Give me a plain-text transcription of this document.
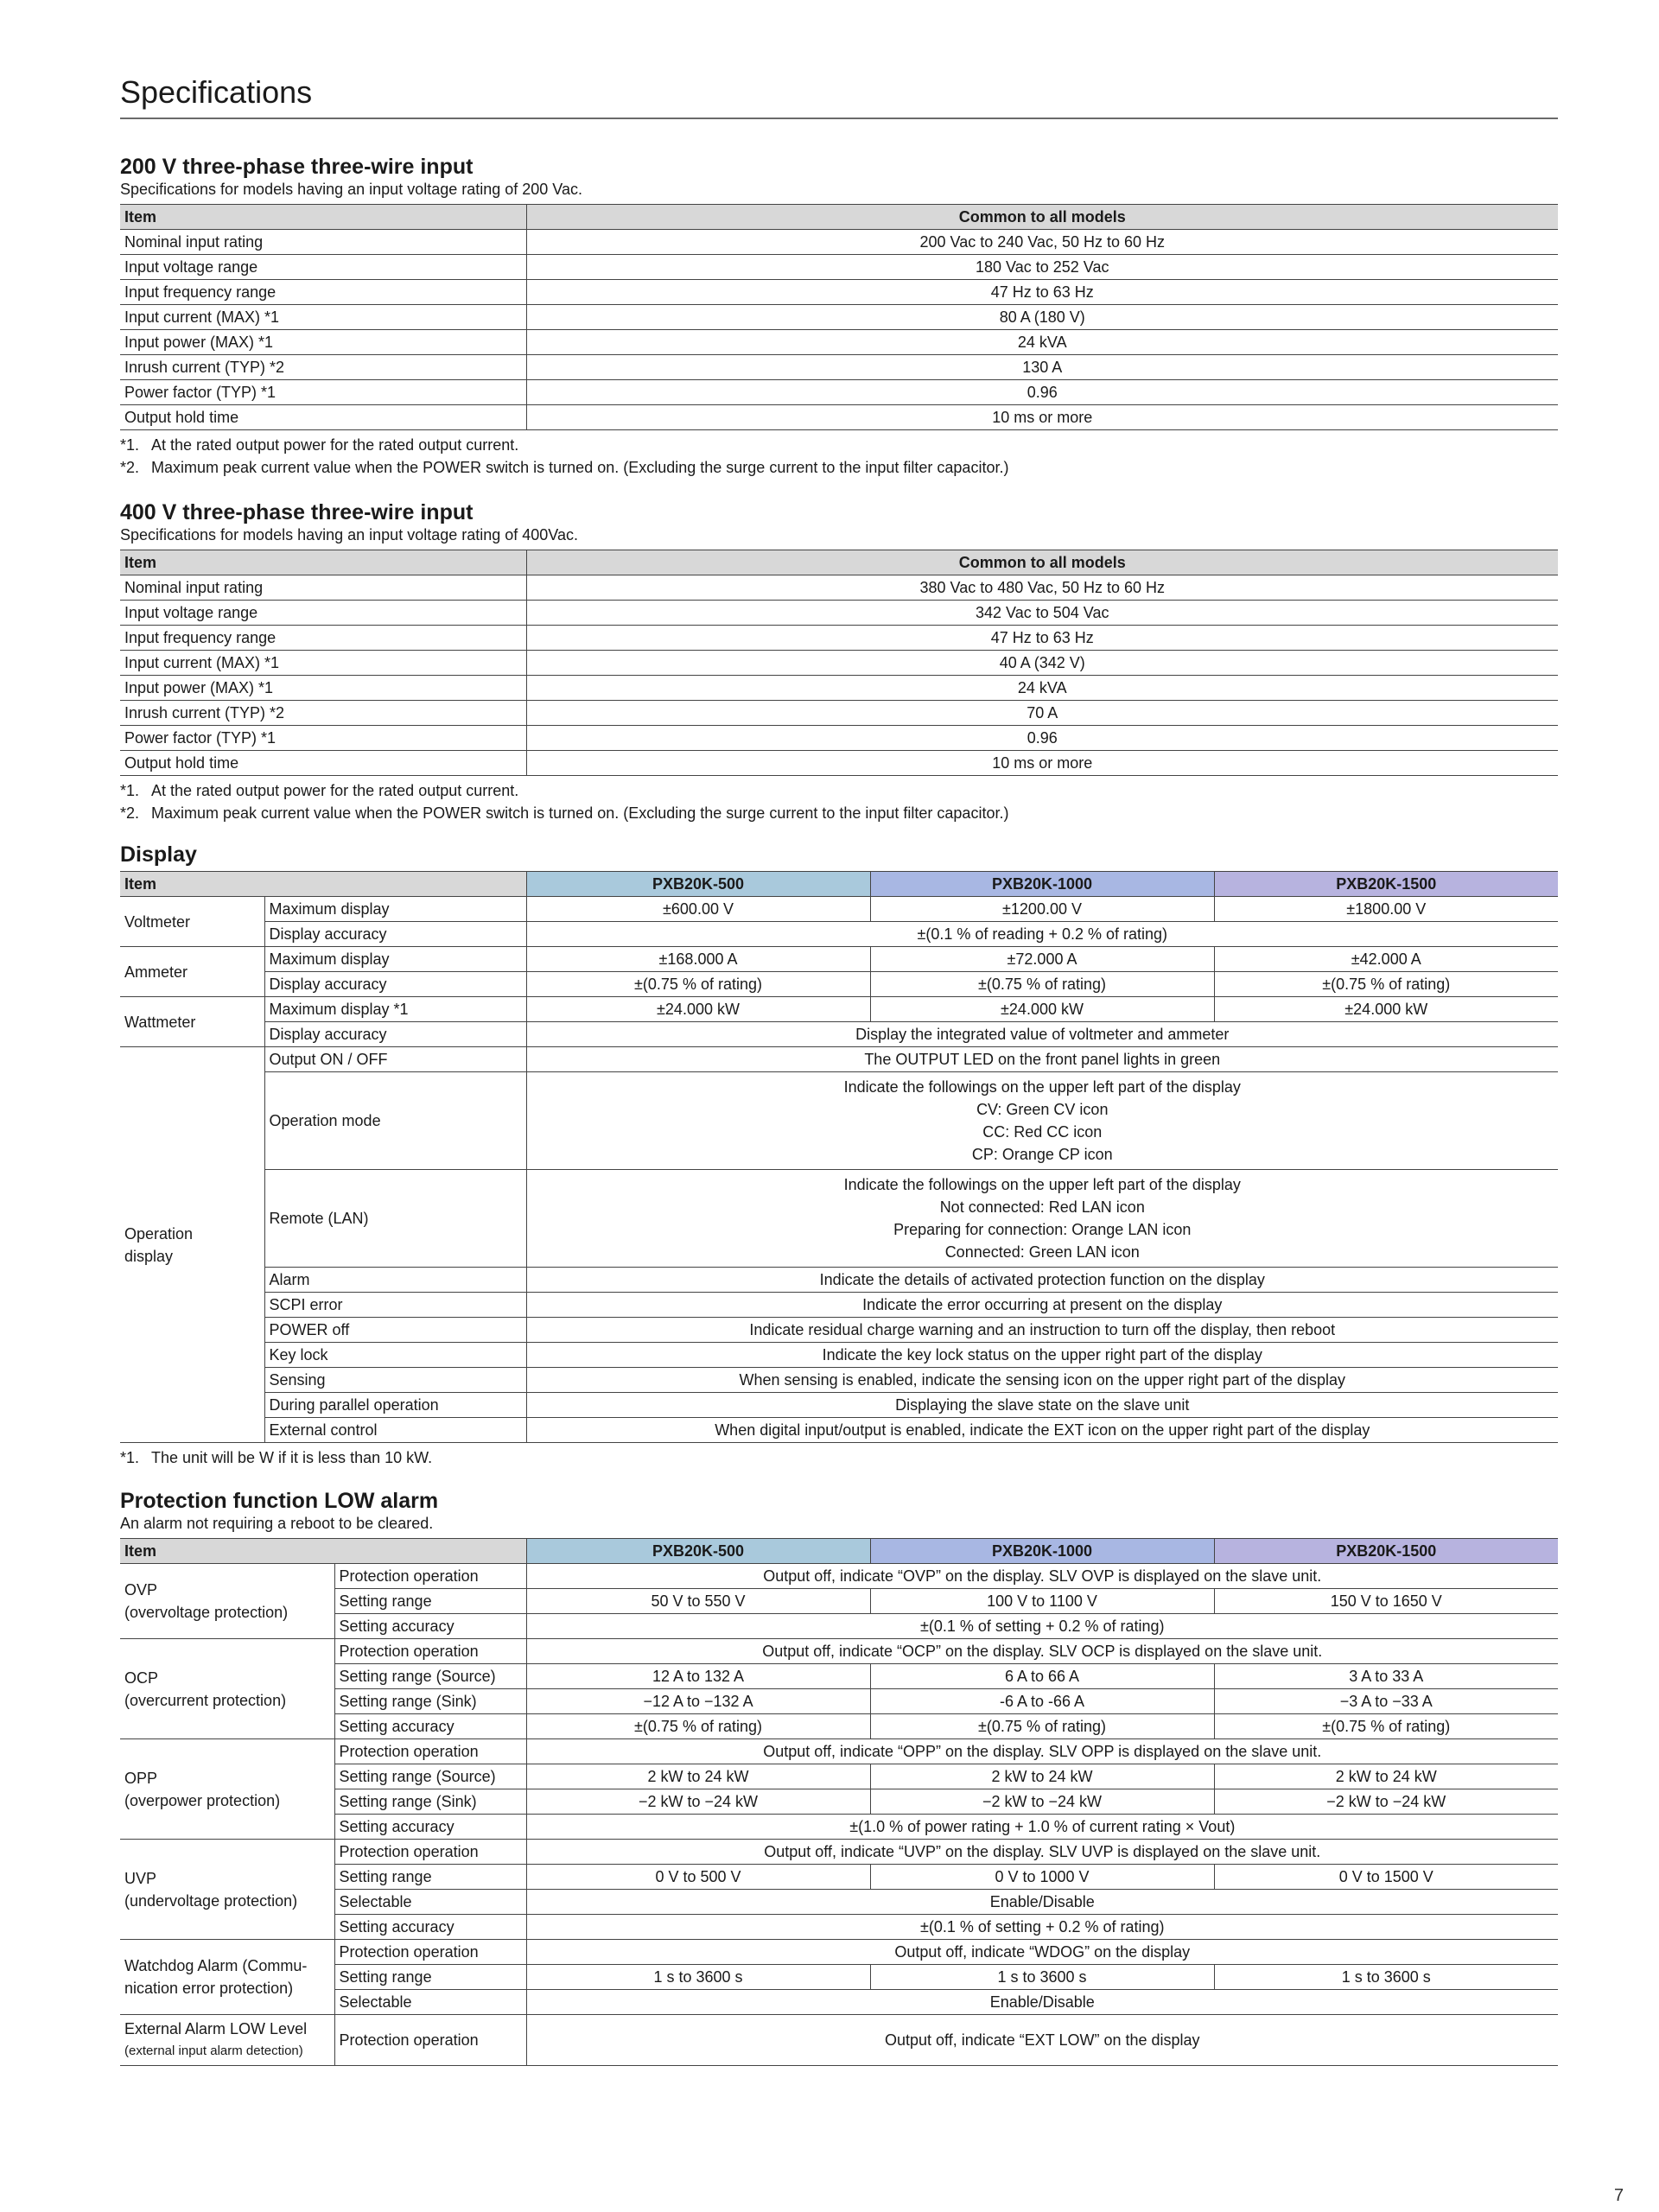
Specifications
200 V three-phase three-wire input

Specifications for models having an input voltage rating of 200 Vac.

Item	Common to all models
Nominal input rating	200 Vac to 240 Vac, 50 Hz to 60 Hz
Input voltage range	180 Vac to 252 Vac
Input frequency range	47 Hz to 63 Hz
Input current (MAX) *1	80 A (180 V)
Input power (MAX) *1	24 kVA
Inrush current (TYP) *2	130 A
Power factor (TYP) *1	0.96
Output hold time	10 ms or more

*1. At the rated output power for the rated output current.

*2. Maximum peak current value when the POWER switch is turned on. (Excluding the surge current to the input filter capacitor.)

400 V three-phase three-wire input

Specifications for models having an input voltage rating of 400Vac.

Item	Common to all models
Nominal input rating	380 Vac to 480 Vac, 50 Hz to 60 Hz
Input voltage range	342 Vac to 504 Vac
Input frequency range	47 Hz to 63 Hz
Input current (MAX) *1	40 A (342 V)
Input power (MAX) *1	24 kVA
Inrush current (TYP) *2	70 A
Power factor (TYP) *1	0.96
Output hold time	10 ms or more

*1. At the rated output power for the rated output current.

*2. Maximum peak current value when the POWER switch is turned on. (Excluding the surge current to the input filter capacitor.)

Display
Item		PXB20K-500	PXB20K-1000	PXB20K-1500
Voltmeter	Maximum display	±600.00 V	±1200.00 V	±1800.00 V
	Display accuracy	±(0.1 % of reading + 0.2 % of rating)		
Ammeter	Maximum display	±168.000 A	±72.000 A	±42.000 A
	Display accuracy	±(0.75 % of rating)	±(0.75 % of rating)	±(0.75 % of rating)
Wattmeter	Maximum display *1	±24.000 kW	±24.000 kW	±24.000 kW
	Display accuracy	Display the integrated value of voltmeter and ammeter		
Operation
display	Output ON / OFF	The OUTPUT LED on the front panel lights in green		
	Operation mode	Indicate the followings on the upper left part of the display
CV: Green CV icon
CC: Red CC icon
CP: Orange CP icon		

	Remote (LAN)	Indicate the followings on the upper left part of the display
Not connected: Red LAN icon
Preparing for connection: Orange LAN icon
Connected: Green LAN icon		

	Alarm	Indicate the details of activated protection function on the display		
	SCPI error	Indicate the error occurring at present on the display		
	POWER off	Indicate residual charge warning and an instruction to turn off the display, then reboot		
	Key lock	Indicate the key lock status on the upper right part of the display		
	Sensing	When sensing is enabled, indicate the sensing icon on the upper right part of the display		
	During parallel operation	Displaying the slave state on the slave unit		
	External control	When digital input/output is enabled, indicate the EXT icon on the upper right part of the display		

*1. The unit will be W if it is less than 10 kW.

Protection function LOW alarm

An alarm not requiring a reboot to be cleared.

Item		PXB20K-500	PXB20K-1000	PXB20K-1500
OVP
(overvoltage protection)	Protection operation	Output off, indicate “OVP” on the display. SLV OVP is displayed on the slave unit.		
	Setting range	50 V to 550 V	100 V to 1100 V	150 V to 1650 V
	Setting accuracy	±(0.1 % of setting + 0.2 % of rating)		
OCP
(overcurrent protection)	Protection operation	Output off, indicate “OCP” on the display. SLV OCP is displayed on the slave unit.		
	Setting range (Source)	12 A to 132 A	6 A to 66 A	3 A to 33 A
	Setting range (Sink)	−12 A to −132 A	-6 A to -66 A	−3 A to −33 A
	Setting accuracy	±(0.75 % of rating)	±(0.75 % of rating)	±(0.75 % of rating)
OPP
(overpower protection)	Protection operation	Output off, indicate “OPP” on the display. SLV OPP is displayed on the slave unit.		
	Setting range (Source)	2 kW to 24 kW	2 kW to 24 kW	2 kW to 24 kW
	Setting range (Sink)	−2 kW to −24 kW	−2 kW to −24 kW	−2 kW to −24 kW
	Setting accuracy	±(1.0 % of power rating + 1.0 % of current rating × Vout)		
UVP
(undervoltage protection)	Protection operation	Output off, indicate “UVP” on the display. SLV UVP is displayed on the slave unit.		
	Setting range	0 V to 500 V	0 V to 1000 V	0 V to 1500 V
	Selectable	Enable/Disable		
	Setting accuracy	±(0.1 % of setting + 0.2 % of rating)		
Watchdog Alarm (Commu-
nication error protection)	Protection operation	Output off, indicate “WDOG” on the display		
	Setting range	1 s to 3600 s	1 s to 3600 s	1 s to 3600 s
	Selectable	Enable/Disable		
External Alarm LOW Level
(external input alarm detection)	Protection operation	Output off, indicate “EXT LOW” on the display		
7
